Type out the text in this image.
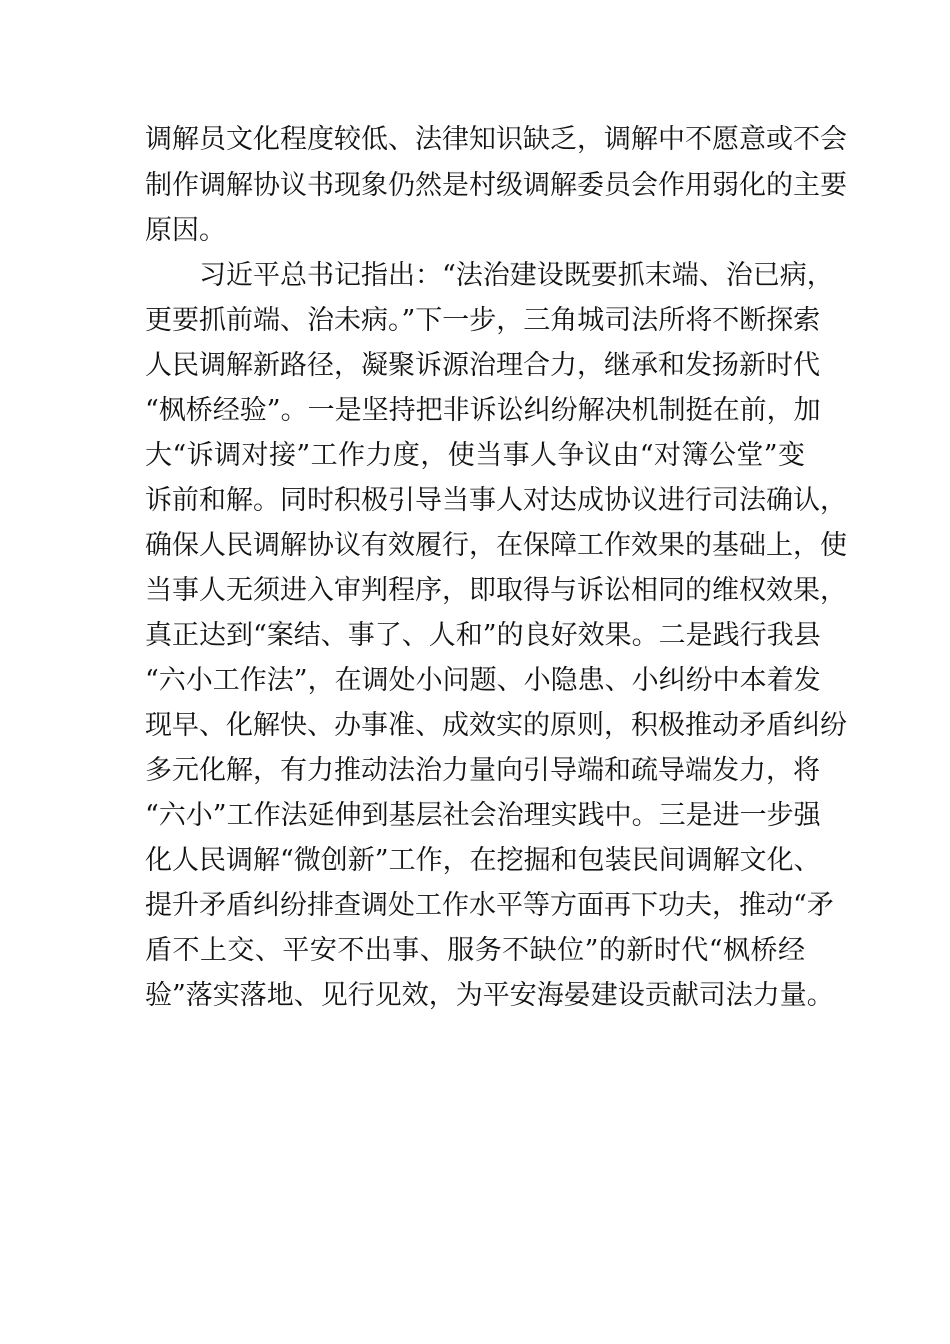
调解员文化程度较低、法律知识缺乏，调解中不愿意或不会
制作调解协议书现象仍然是村级调解委员会作用弱化的主要
原因。
　　习近平总书记指出：“法治建设既要抓末端、治已病，
更要抓前端、治未病。”下一步，三角城司法所将不断探索
人民调解新路径，凝聚诉源治理合力，继承和发扬新时代
“枫桥经验”。一是坚持把非诉讼纠纷解决机制挺在前，加
大“诉调对接”工作力度，使当事人争议由“对簿公堂”变
诉前和解。同时积极引导当事人对达成协议进行司法确认，
确保人民调解协议有效履行，在保障工作效果的基础上，使
当事人无须进入审判程序，即取得与诉讼相同的维权效果，
真正达到“案结、事了、人和”的良好效果。二是践行我县
“六小工作法”，在调处小问题、小隐患、小纠纷中本着发
现早、化解快、办事准、成效实的原则，积极推动矛盾纠纷
多元化解，有力推动法治力量向引导端和疏导端发力，将
“六小”工作法延伸到基层社会治理实践中。三是进一步强
化人民调解“微创新”工作，在挖掘和包装民间调解文化、
提升矛盾纠纷排查调处工作水平等方面再下功夫，推动“矛
盾不上交、平安不出事、服务不缺位”的新时代“枫桥经
验”落实落地、见行见效，为平安海晏建设贡献司法力量。
